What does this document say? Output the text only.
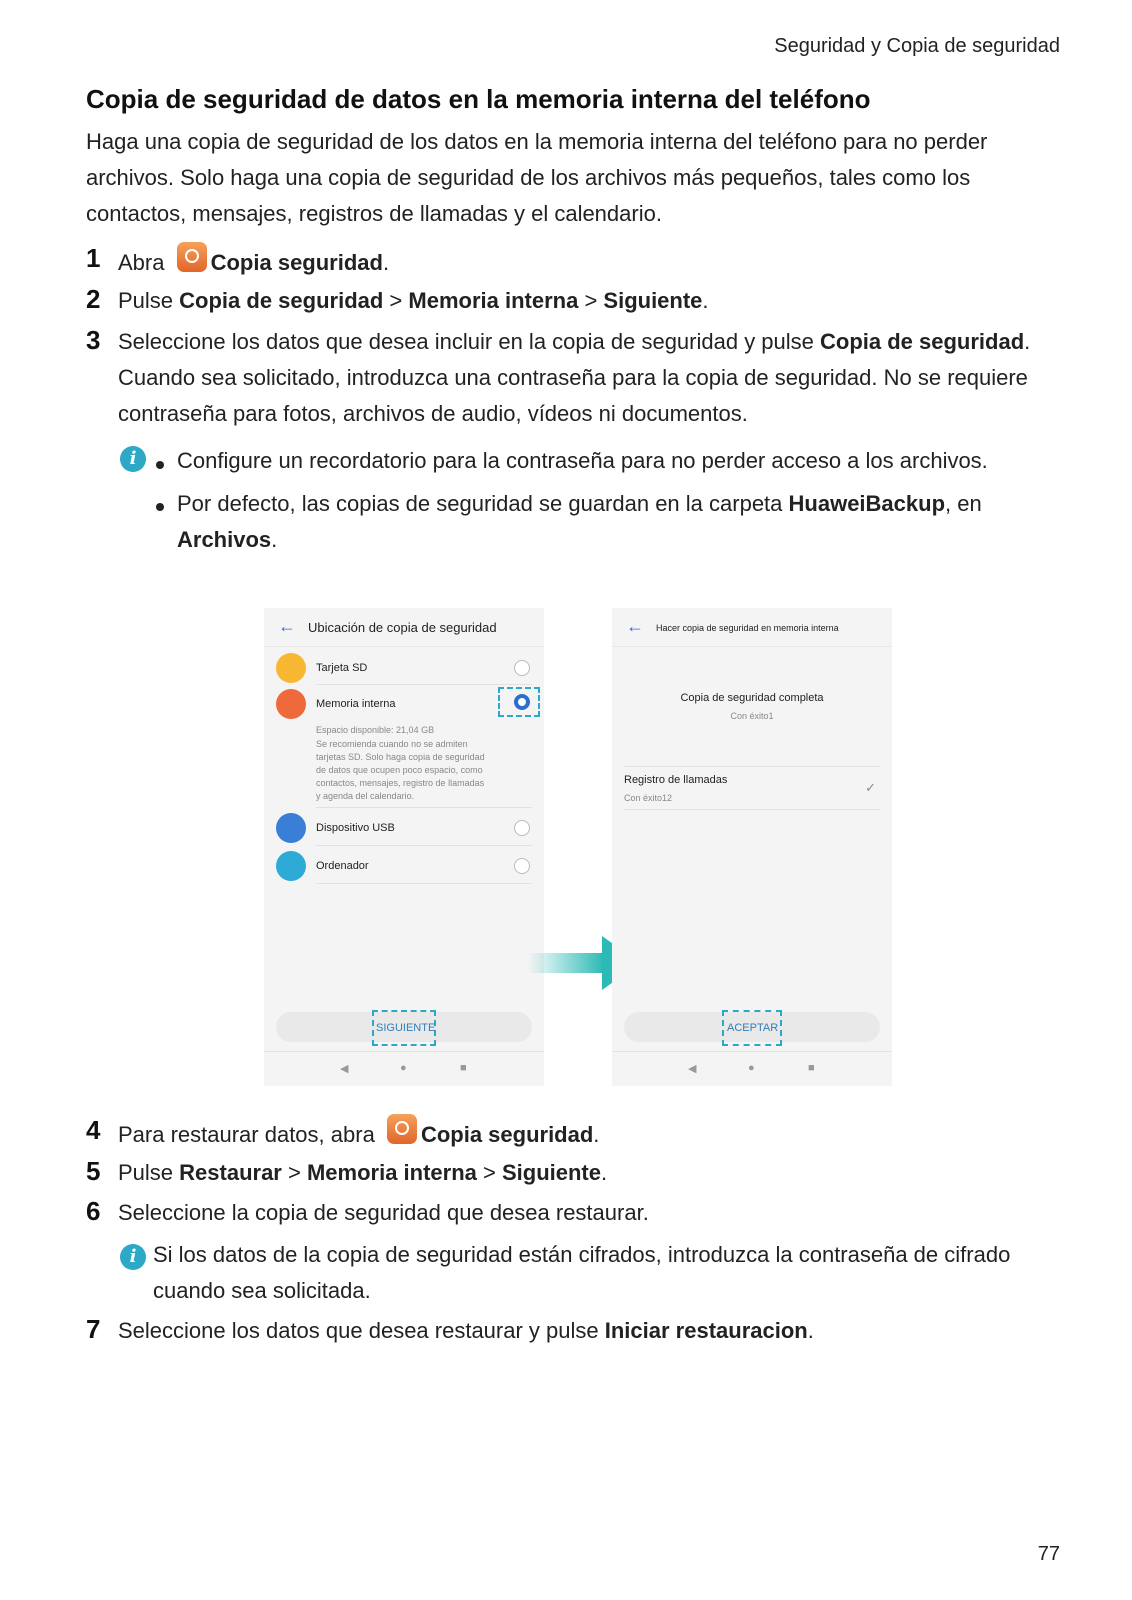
Seguridad y Copia de seguridad
Copia de seguridad de datos en la memoria interna del teléfono

Haga una copia de seguridad de los datos en la memoria interna del teléfono para no perder

archivos. Solo haga una copia de seguridad de los archivos más pequeños, tales como los

contactos, mensajes, registros de llamadas y el calendario.

1 Abra Copia seguridad.
2 Pulse Copia de seguridad > Memoria interna > Siguiente.
3 Seleccione los datos que desea incluir en la copia de seguridad y pulse Copia de seguridad. Cuando sea solicitado, introduzca una contraseña para la copia de seguridad. No se requiere contraseña para fotos, archivos de audio, vídeos ni documentos.
i	Configure un recordatorio para la contraseña para no perder acceso a los archivos.
Por defecto, las copias de seguridad se guardan en la carpeta HuaweiBackup, en
Archivos.
← Ubicación de copia de seguridad
Tarjeta SD
Memoria interna
Espacio disponible: 21,04 GB
Se recomienda cuando no se admiten
tarjetas SD. Solo haga copia de seguridad
de datos que ocupen poco espacio, como
contactos, mensajes, registro de llamadas
y agenda del calendario.
Dispositivo USB
Ordenador
SIGUIENTE
◀	●	■
← Hacer copia de seguridad en memoria interna
Copia de seguridad completa
Con éxito1
Registro de llamadas
Con éxito12
✓
ACEPTAR
◀	●	■
4 Para restaurar datos, abra Copia seguridad.
5 Pulse Restaurar > Memoria interna > Siguiente.
6 Seleccione la copia de seguridad que desea restaurar.
i Si los datos de la copia de seguridad están cifrados, introduzca la contraseña de cifrado cuando sea solicitada.
7 Seleccione los datos que desea restaurar y pulse Iniciar restauracion.
77
